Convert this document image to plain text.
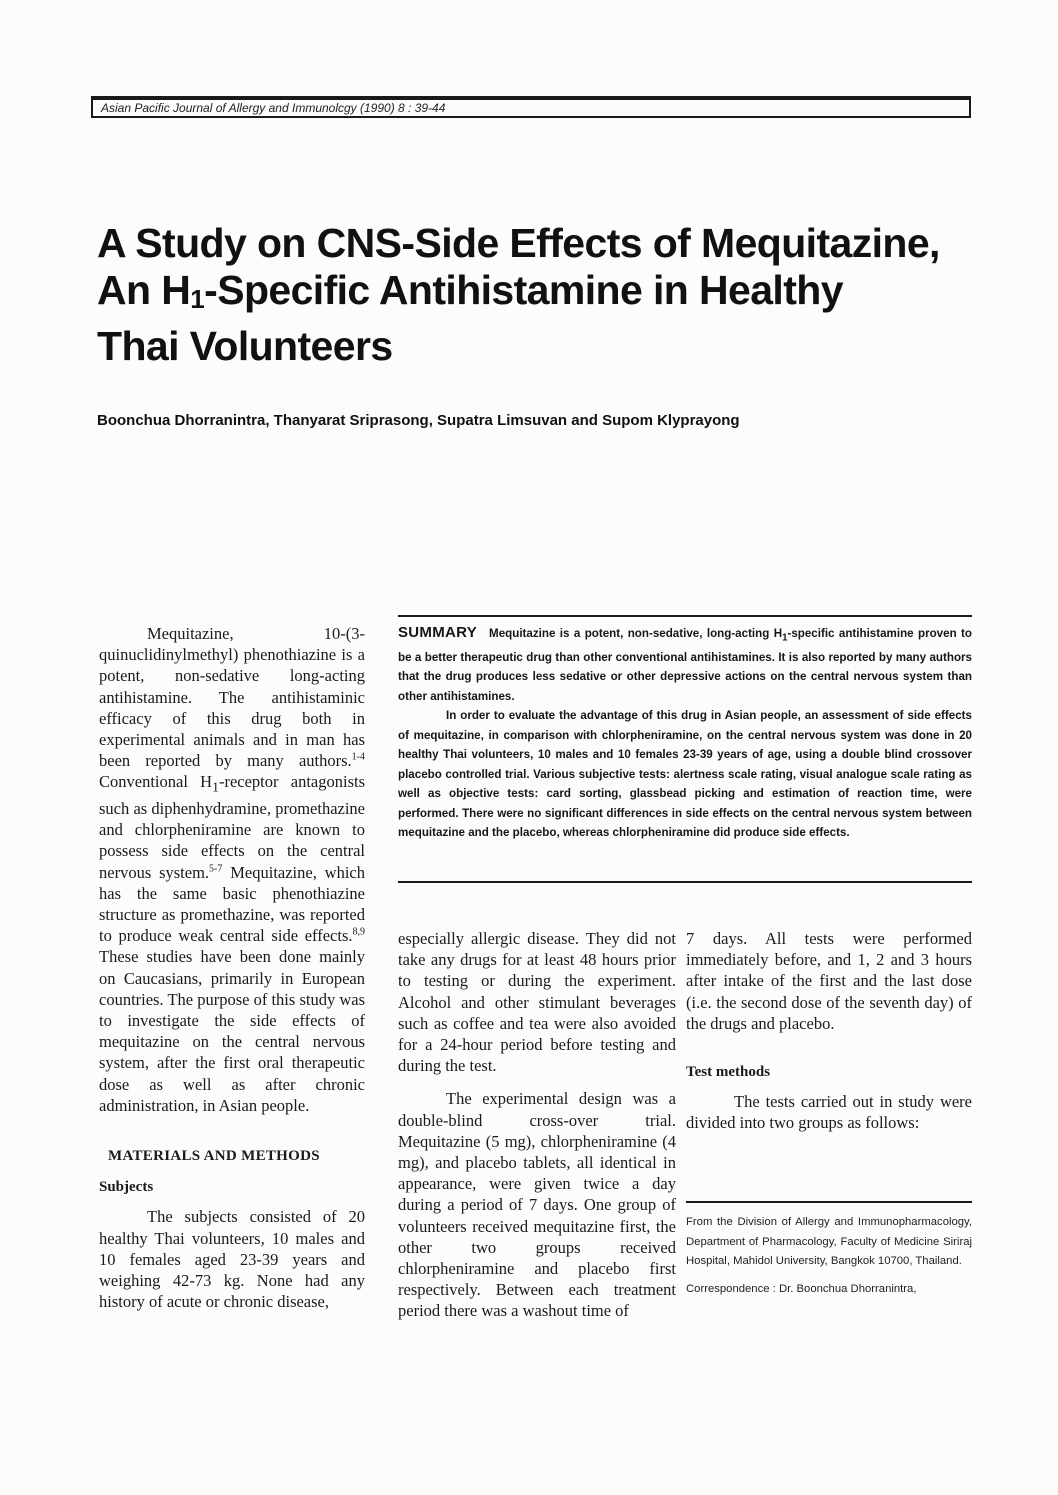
Asian Pacific Journal of Allergy and Immunolcgy (1990) 8 : 39-44
A Study on CNS-Side Effects of Mequitazine,
An H1-Specific Antihistamine in Healthy
Thai Volunteers
Boonchua Dhorranintra, Thanyarat Sriprasong, Supatra Limsuvan and Supom Klyprayong

Mequitazine, 10-(3-quinuclidinylmethyl) phenothiazine is a potent, non-sedative long-acting antihistamine. The antihistaminic efficacy of this drug both in experimental animals and in man has been reported by many authors.$^{1-4}$ Conventional $H_1$-receptor antagonists such as diphenhydramine, promethazine and chlorpheniramine are known to possess side effects on the central nervous system.$^{5-7}$ Mequitazine, which has the same basic phenothiazine structure as promethazine, was reported to produce weak central side effects.$^{8,9}$ These studies have been done mainly on Caucasians, primarily in European countries. The purpose of this study was to investigate the side effects of mequitazine on the central nervous system, after the first oral therapeutic dose as well as after chronic administration, in Asian people.

MATERIALS AND METHODS
Subjects

The subjects consisted of 20 healthy Thai volunteers, 10 males and 10 females aged 23-39 years and weighing 42-73 kg. None had any history of acute or chronic disease,

SUMMARY Mequitazine is a potent, non-sedative, long-acting $H_1$-specific antihistamine proven to be a better therapeutic drug than other conventional antihistamines. It is also reported by many authors that the drug produces less sedative or other depressive actions on the central nervous system than other antihistamines.

In order to evaluate the advantage of this drug in Asian people, an assessment of side effects of mequitazine, in comparison with chlorpheniramine, on the central nervous system was done in 20 healthy Thai volunteers, 10 males and 10 females 23-39 years of age, using a double blind crossover placebo controlled trial. Various subjective tests: alertness scale rating, visual analogue scale rating as well as objective tests: card sorting, glassbead picking and estimation of reaction time, were performed. There were no significant differences in side effects on the central nervous system between mequitazine and the placebo, whereas chlorpheniramine did produce side effects.

especially allergic disease. They did not take any drugs for at least 48 hours prior to testing or during the experiment. Alcohol and other stimulant beverages such as coffee and tea were also avoided for a 24-hour period before testing and during the test.

The experimental design was a double-blind cross-over trial. Mequitazine (5 mg), chlorpheniramine (4 mg), and placebo tablets, all identical in appearance, were given twice a day during a period of 7 days. One group of volunteers received mequitazine first, the other two groups received chlorpheniramine and placebo first respectively. Between each treatment period there was a washout time of

7 days. All tests were performed immediately before, and 1, 2 and 3 hours after intake of the first and the last dose (i.e. the second dose of the seventh day) of the drugs and placebo.

Test methods

The tests carried out in study were divided into two groups as follows:

From the Division of Allergy and Immunopharmacology, Department of Pharmacology, Faculty of Medicine Siriraj Hospital, Mahidol University, Bangkok 10700, Thailand.

Correspondence : Dr. Boonchua Dhorranintra,
